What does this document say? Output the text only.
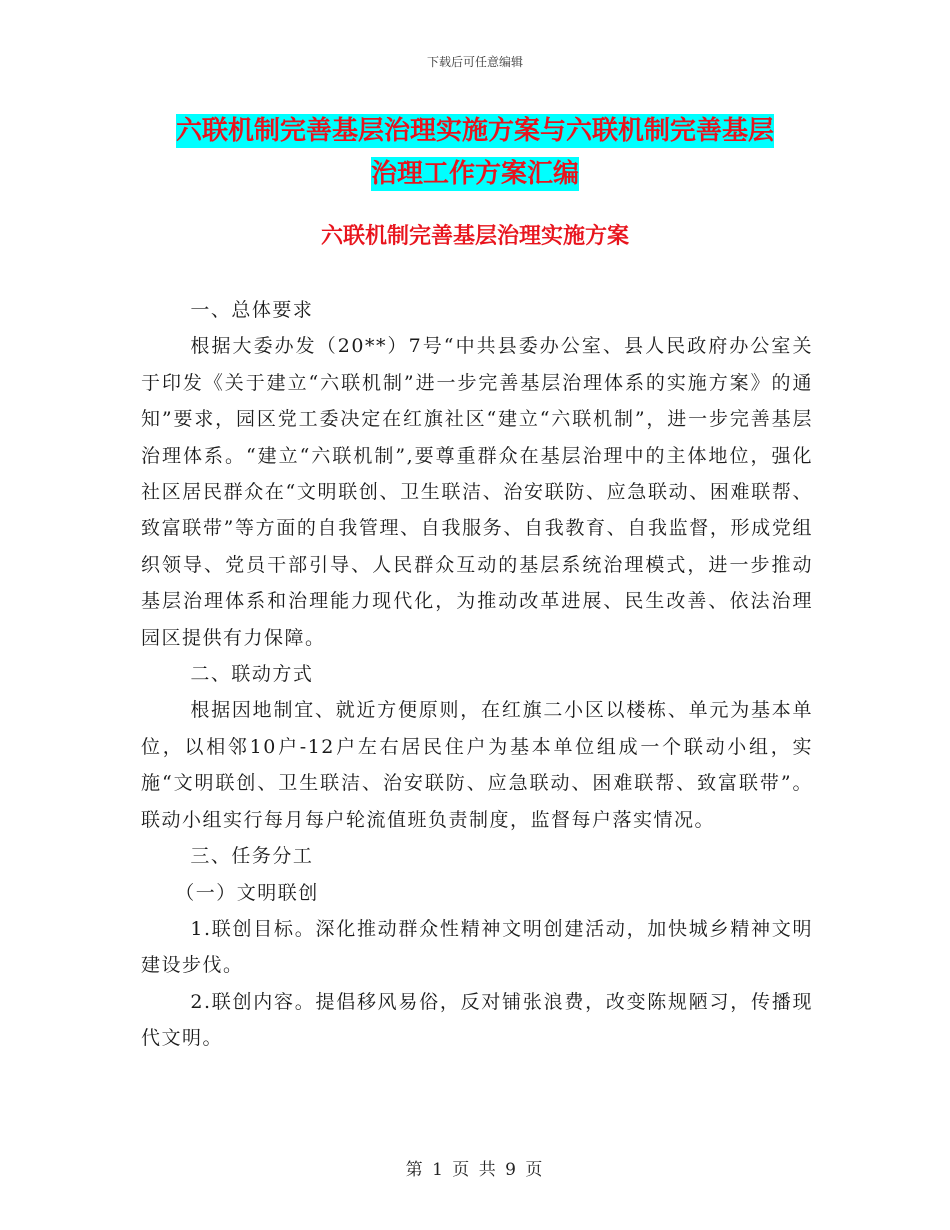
下载后可任意编辑
六联机制完善基层治理实施方案与六联机制完善基层
治理工作方案汇编
六联机制完善基层治理实施方案

一、总体要求

根据大委办发（20**）7号“中共县委办公室、县人民政府办公室关于印发《关于建立“六联机制”进一步完善基层治理体系的实施方案》的通知”要求，园区党工委决定在红旗社区“建立“六联机制”，进一步完善基层治理体系。“建立“六联机制”,要尊重群众在基层治理中的主体地位，强化社区居民群众在“文明联创、卫生联洁、治安联防、应急联动、困难联帮、致富联带”等方面的自我管理、自我服务、自我教育、自我监督，形成党组织领导、党员干部引导、人民群众互动的基层系统治理模式，进一步推动基层治理体系和治理能力现代化，为推动改革进展、民生改善、依法治理园区提供有力保障。

二、联动方式

根据因地制宜、就近方便原则，在红旗二小区以楼栋、单元为基本单位，以相邻10户-12户左右居民住户为基本单位组成一个联动小组，实施“文明联创、卫生联洁、治安联防、应急联动、困难联帮、致富联带”。联动小组实行每月每户轮流值班负责制度，监督每户落实情况。

三、任务分工

（一）文明联创

1.联创目标。深化推动群众性精神文明创建活动，加快城乡精神文明建设步伐。

2.联创内容。提倡移风易俗，反对铺张浪费，改变陈规陋习，传播现代文明。

第 1 页 共 9 页
